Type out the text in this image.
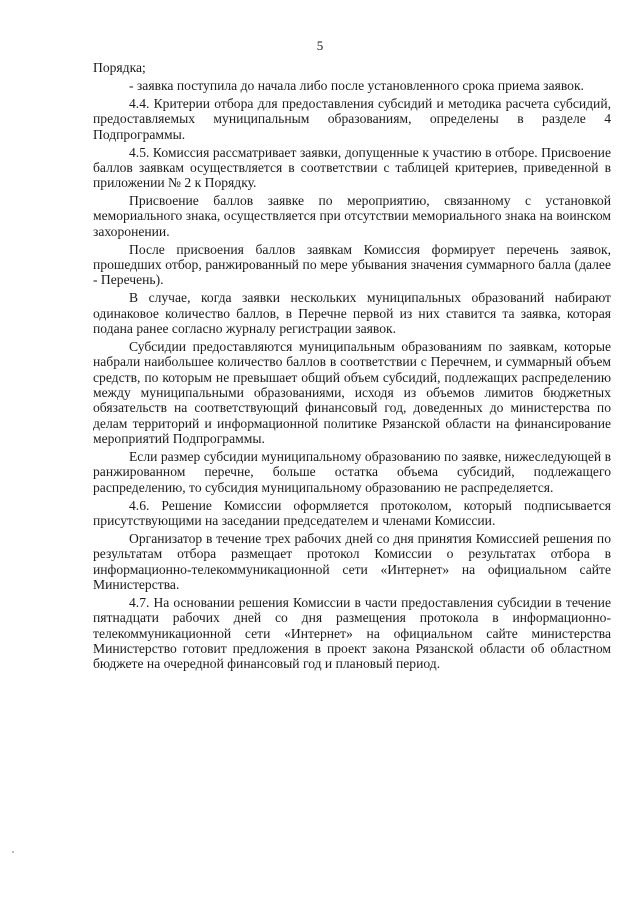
5

Порядка;

- заявка поступила до начала либо после установленного срока приема заявок.

4.4. Критерии отбора для предоставления субсидий и методика расчета субсидий, предоставляемых муниципальным образованиям, определены в разделе 4 Подпрограммы.

4.5. Комиссия рассматривает заявки, допущенные к участию в отборе. Присвоение баллов заявкам осуществляется в соответствии с таблицей критериев, приведенной в приложении № 2 к Порядку.

Присвоение баллов заявке по мероприятию, связанному с установкой мемориального знака, осуществляется при отсутствии мемориального знака на воинском захоронении.

После присвоения баллов заявкам Комиссия формирует перечень заявок, прошедших отбор, ранжированный по мере убывания значения суммарного балла (далее - Перечень).

В случае, когда заявки нескольких муниципальных образований набирают одинаковое количество баллов, в Перечне первой из них ставится та заявка, которая подана ранее согласно журналу регистрации заявок.

Субсидии предоставляются муниципальным образованиям по заявкам, которые набрали наибольшее количество баллов в соответствии с Перечнем, и суммарный объем средств, по которым не превышает общий объем субсидий, подлежащих распределению между муниципальными образованиями, исходя из объемов лимитов бюджетных обязательств на соответствующий финансовый год, доведенных до министерства по делам территорий и информационной политике Рязанской области на финансирование мероприятий Подпрограммы.

Если размер субсидии муниципальному образованию по заявке, нижеследующей в ранжированном перечне, больше остатка объема субсидий, подлежащего распределению, то субсидия муниципальному образованию не распределяется.

4.6. Решение Комиссии оформляется протоколом, который подписывается присутствующими на заседании председателем и членами Комиссии.

Организатор в течение трех рабочих дней со дня принятия Комиссией решения по результатам отбора размещает протокол Комиссии о результатах отбора в информационно-телекоммуникационной сети «Интернет» на официальном сайте Министерства.

4.7. На основании решения Комиссии в части предоставления субсидии в течение пятнадцати рабочих дней со дня размещения протокола в информационно-телекоммуникационной сети «Интернет» на официальном сайте министерства Министерство готовит предложения в проект закона Рязанской области об областном бюджете на очередной финансовый год и плановый период.
